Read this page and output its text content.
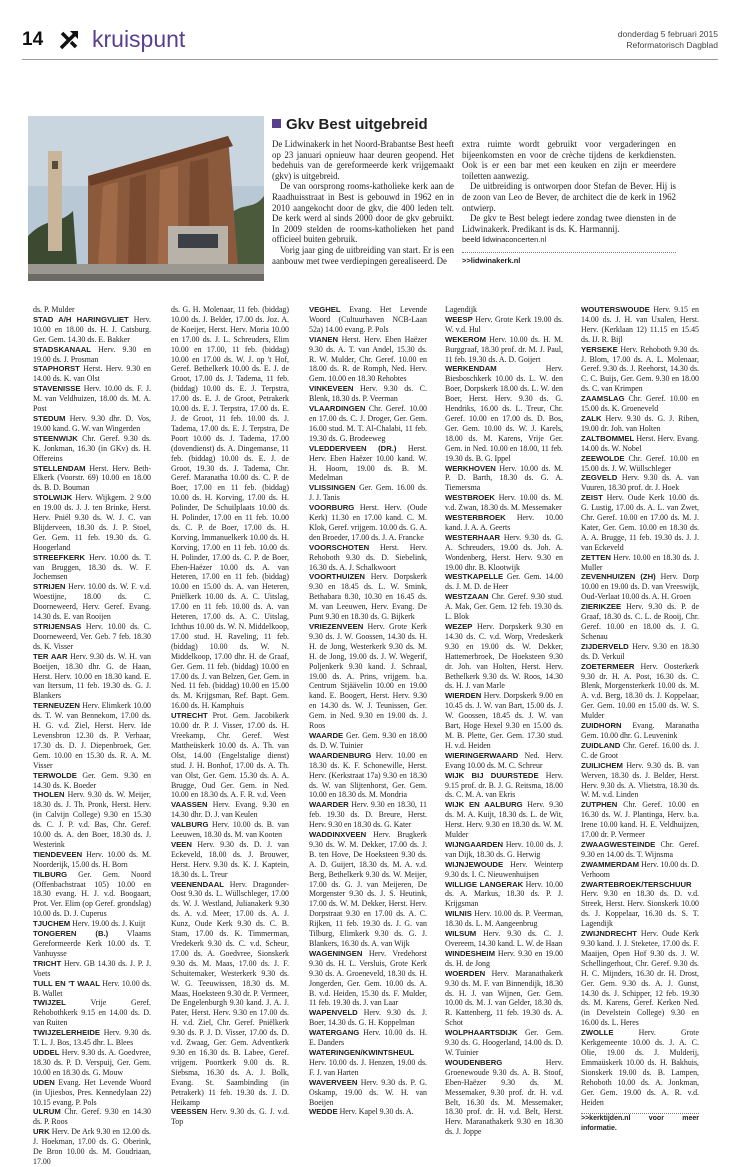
14 kruispunt	donderdag 5 februari 2015
Reformatorisch Dagblad
Gkv Best uitgebreid

De Lidwinakerk in het Noord-Brabantse Best heeft op 23 januari opnieuw haar deuren geopend. Het bedehuis van de gereformeerde kerk vrijgemaakt (gkv) is uitgebreid.

De van oorsprong rooms-katholieke kerk aan de Raadhuisstraat in Best is gebouwd in 1962 en in 2010 aangekocht door de gkv, die 400 leden telt. De kerk werd al sinds 2000 door de gkv gebruikt. In 2009 stelden de rooms-katholieken het pand officieel buiten gebruik.

Vorig jaar ging de uitbreiding van start. Er is een aanbouw met twee verdiepingen gerealiseerd. De

extra ruimte wordt gebruikt voor vergaderingen en bijeenkomsten en voor de crèche tijdens de kerkdiensten. Ook is er een bar met een keuken en zijn er meerdere toiletten aanwezig.

De uitbreiding is ontworpen door Stefan de Bever. Hij is de zoon van Leo de Bever, de architect die de kerk in 1962 ontwierp.

De gkv te Best belegt iedere zondag twee diensten in de Lidwinakerk. Predikant is ds. K. Harmannij.

beeld lidwinaconcerten.nl
>>lidwinakerk.nl

ds. P. Mulder

STAD A/H HARINGVLIET Herv. 10.00 en 18.00 ds. H. J. Catsburg. Ger. Gem. 14.30 ds. E. Bakker

STADSKANAAL Herv. 9.30 en 19.00 ds. J. Prosman

STAPHORST Herst. Herv. 9.30 en 14.00 ds. K. van Olst

STAVENISSE Herv. 10.00 ds. F. J. M. van Veldhuizen, 18.00 ds. M. A. Post

STEDUM Herv. 9.30 dhr. D. Vos, 19.00 kand. G. W. van Wingerden

STEENWIJK Chr. Geref. 9.30 ds. K. Jonkman, 16.30 (in GKv) ds. H. Offereins

STELLENDAM Herst. Herv. Beth-Elkerk (Voorstr. 69) 10.00 en 18.00 ds. B. D. Bouman

STOLWIJK Herv. Wijkgem. 2 9.00 en 19.00 ds. J. J. ten Brinke, Herst. Herv. Pniël 9.30 ds. W. J. C. van Blijderveen, 18.30 ds. J. P. Stoel, Ger. Gem. 11 feb. 19.30 ds. G. Hoogerland

STREEFKERK Herv. 10.00 ds. T. van Bruggen, 18.30 ds. W. F. Jochemsen

STRIJEN Herv. 10.00 ds. W. F. v.d. Woestijne, 18.00 ds. C. Doorneweerd, Herv. Geref. Evang. 14.30 ds. E. van Rooijen

STRIJENSAS Herv. 10.00 ds. C. Doorneweerd, Ver. Geb. 7 feb. 18.30 ds. K. Visser

TER AAR Herv. 9.30 ds. W. H. van Boeijen, 18.30 dhr. G. de Haan, Herst. Herv. 10.00 en 18.30 kand. E. van Itersum, 11 feb. 19.30 ds. G. J. Blankers

TERNEUZEN Herv. Elimkerk 10.00 ds. T. W. van Bennekom, 17.00 ds. H. G. v.d. Ziel, Herst. Herv. Ide Levensbron 12.30 ds. P. Verhaar, 17.30 ds. D. J. Diepenbroek, Ger. Gem. 10.00 en 15.30 ds. R. A. M. Visser

TERWOLDE Ger. Gem. 9.30 en 14.30 ds. K. Boeder

THOLEN Herv. 9.30 ds. W. Meijer, 18.30 ds. J. Th. Pronk, Herst. Herv. (in Calvijn College) 9.30 en 15.30 ds. C. J. P. v.d. Bas, Chr. Geref. 10.00 ds. A. den Boer, 18.30 ds. J. Westerink

TIENDEVEEN Herv. 10.00 ds. M. Noorderijk, 15.00 ds. H. Born

TILBURG Ger. Gem. Noord (Offenbachstraat 105) 10.00 en 18.30 evang. H. J. v.d. Boogaart, Prot. Ver. Elim (op Geref. grondslag) 10.00 ds. D. J. Cuperus

TJUCHEM Herv. 19.00 ds. J. Kuijt

TONGEREN (B.) Vlaams Gereformeerde Kerk 10.00 ds. T. Vanhuysse

TRICHT Herv. GB 14.30 ds. J. P. J. Voets

TULL EN 'T WAAL Herv. 10.00 ds. B. Wallet

TWIJZEL Vrije Geref. Rehobothkerk 9.15 en 14.00 ds. D. van Ruiten

TWIJZELERHEIDE Herv. 9.30 ds. T. L. J. Bos, 13.45 dhr. L. Blees

UDDEL Herv. 9.30 ds. A. Goedvree, 18.30 ds. P. D. Verspuij, Ger. Gem. 10.00 en 18.30 ds. G. Mouw

UDEN Evang. Het Levende Woord (in Ujiesbos, Pres. Kennedylaan 22) 10.15 evang. P. Pols

ULRUM Chr. Geref. 9.30 en 14.30 ds. P. Roos

URK Herv. De Ark 9.30 en 12.00 ds. J. Hoekman, 17.00 ds. G. Oberink, De Bron 10.00 ds. M. Goudriaan, 17.00

ds. G. H. Molenaar, 11 feb. (biddag) 10.00 ds. J. Belder, 17.00 ds. Joz. A. de Koeijer, Herst. Herv. Moria 10.00 en 17.00 ds. J. L. Schreuders, Elim 10.00 en 17.00, 11 feb. (biddag) 10.00 en 17.00 ds. W. J. op 't Hof, Geref. Bethelkerk 10.00 ds. E. J. de Groot, 17.00 ds. J. Tadema, 11 feb. (biddag) 10.00 ds. E. J. Terpstra, 17.00 ds. E. J. de Groot, Petrakerk 10.00 ds. E. J. Terpstra, 17.00 ds. E. J. de Groot, 11 feb. 10.00 ds. J. Tadema, 17.00 ds. E. J. Terpstra, De Poort 10.00 ds. J. Tadema, 17.00 (dovendienst) ds. A. Dingemanse, 11 feb. (biddag) 10.00 ds. E. J. de Groot, 19.30 ds. J. Tadema, Chr. Geref. Maranatha 10.00 ds. C. P. de Boer, 17.00 en 11 feb. (biddag) 10.00 ds. H. Korving, 17.00 ds. H. Polinder, De Schuilplaats 10.00 ds. H. Polinder, 17.00 en 11 feb. 10.00 ds. C. P. de Boer, 17.00 ds. H. Korving, Immanuelkerk 10.00 ds. H. Korving, 17.00 en 11 feb. 10.00 ds. H. Polinder, 17.00 ds. C. P. de Boer, Eben-Haëzer 10.00 ds. A. van Heteren, 17.00 en 11 feb. (biddag) 10.00 en 15.00 ds. A. van Heteren, Pniëlkerk 10.00 ds. A. C. Uitslag, 17.00 en 11 feb. 10.00 ds. A. van Heteren, 17.00 ds. A. C. Uitslag, Ichthus 10.00 ds. W. N. Middelkoop, 17.00 stud. H. Raveling, 11 feb. (biddag) 10.00 ds. W. N. Middelkoop, 17.00 dhr. H. de Graaf, Ger. Gem. 11 feb. (biddag) 10.00 en 17.00 ds. J. van Belzen, Ger. Gem. in Ned. 11 feb. (biddag) 10.00 en 15.00 ds. M. Krijgsman, Ref. Bapt. Gem. 16.00 ds. H. Kamphuis

UTRECHT Prot. Gem. Jacobikerk 10.00 dr. P. J. Visser, 17.00 ds. H. Vreekamp, Chr. Geref. West Mattheüskerk 10.00 ds. A. Th. van Olst, 14.00 (Engelstalige dienst) stud. J. H. Bonhof, 17.00 ds. A. Th. van Olst, Ger. Gem. 15.30 ds. A. A. Brugge, Oud Ger. Gem. in Ned. 10.00 en 18.30 ds. A. F. R. v.d. Veen

VAASSEN Herv. Evang. 9.30 en 14.30 dhr. D. J. van Keulen

VALBURG Herv. 10.00 ds. B. van Leeuwen, 18.30 ds. M. van Kooten

VEEN Herv. 9.30 ds. D. J. van Eckeveld, 18.00 ds. J. Brouwer, Herst. Herv. 9.30 ds. K. J. Kaptein, 18.30 ds. L. Treur

VEENENDAAL Herv. Dragonder-Oost 9.30 ds. L. Wüllschleger, 17.00 ds. W. J. Westland, Julianakerk 9.30 ds. A. v.d. Meer, 17.00 ds. A. J. Kunz, Oude Kerk 9.30 ds. C. B. Stam, 17.00 ds. K. Timmerman, Vredekerk 9.30 ds. C. v.d. Scheur, 17.00 ds. A. Goedvree, Sionskerk 9.30 ds. M. Maas, 17.00 ds. J. F. Schuitemaker, Westerkerk 9.30 ds. W. G. Teeuwissen, 18.30 ds. M. Maas, Hoeksteen 9.30 dr. P. Vermeer, De Engelenburgh 9.30 kand. J. A. J. Pater, Herst. Herv. 9.30 en 17.00 ds. H. v.d. Ziel, Chr. Geref. Pniëlkerk 9.30 ds. P. J. D. Visser, 17.00 ds. D. v.d. Zwaag, Ger. Gem. Adventkerk 9.30 en 16.30 ds. B. Labee, Geref. vrijgem. Poortkerk 9.00 ds. R. Siebsma, 16.30 ds. A. J. Bolk, Evang. St. Saambinding (in Petrakerk) 11 feb. 19.30 ds. J. D. Heikamp

VEESSEN Herv. 9.30 ds. G. J. v.d. Top

VEGHEL Evang. Het Levende Woord (Cultuurhaven NCB-Laan 52a) 14.00 evang. P. Pols

VIANEN Herst. Herv. Eben Haëzer 9.30 ds. A. T. van Andel, 15.30 ds. R. W. Mulder, Chr. Geref. 10.00 en 18.00 ds. R. de Romph, Ned. Herv. Gem. 10.00 en 18.30 Rehobtes

VINKEVEEN Herv. 9.30 ds. C. Blenk, 18.30 ds. P. Veerman

VLAARDINGEN Chr. Geref. 10.00 en 17.00 ds. C. J. Droger, Ger. Gem. 16.00 stud. M. T. Al-Chalabi, 11 feb. 19.30 ds. G. Brodeeweg

VLEDDERVEEN (DR.) Herst. Herv. Eben Haëzer 10.00 kand. W. H. Hoorn, 19.00 ds. B. M. Medelman

VLISSINGEN Ger. Gem. 16.00 ds. J. J. Tanis

VOORBURG Herst. Herv. (Oude Kerk) 11.30 en 17.00 kand. C. M. Klok, Geref. vrijgem. 10.00 ds. G. A. den Broeder, 17.00 ds. J. A. Francke

VOORSCHOTEN Herst. Herv. Rehoboth 9.30 ds. D. Siebelink, 16.30 ds. A. J. Schalkwoort

VOORTHUIZEN Herv. Dorpskerk 9.30 en 18.45 ds. L. W. Smink, Bethabara 8.30, 10.30 en 16.45 ds. M. van Leeuwen, Herv. Evang. De Punt 9.30 en 18.30 ds. G. Bijkerk

VRIEZENVEEN Herv. Grote Kerk 9.30 ds. J. W. Goossen, 14.30 ds. H. H. de Jong, Westerkerk 9.30 ds. M. H. de Jong, 19.00 ds. J. W. Wegerif, Poljenkerk 9.30 kand. J. Schraal, 19.00 ds. A. Prins, vrijgem. b.a. Centrum Stjäävelin 10.00 en 19.00 kand. E. Boogert, Herst. Herv. 9.30 en 14.30 ds. W. J. Teunissen, Ger. Gem. in Ned. 9.30 en 19.00 ds. J. Roos

WAARDE Ger. Gem. 9.30 en 18.00 ds. D. W. Tuinier

WAARDENBURG Herv. 10.00 en 18.30 ds. K. F. Schonewille, Herst. Herv. (Kerkstraat 17a) 9.30 en 18.30 ds. W. van Slijtenhorst, Ger. Gem. 10.00 en 18.30 ds. M. Mondria

WAARDER Herv. 9.30 en 18.30, 11 feb. 19.30 ds. D. Breure, Herst. Herv. 9.30 en 18.30 ds. G. Kater

WADDINXVEEN Herv. Brugkerk 9.30 ds. W. M. Dekker, 17.00 ds. J. B. ten Hove, De Hoeksteen 9.30 ds. A. D. Guijert, 18.30 ds. M. A. v.d. Berg, Bethelkerk 9.30 ds. W. Meijer, 17.00 ds. G. J. van Meijeren, De Morgenster 9.30 ds. J. S. Heutink, 17.00 ds. W. M. Dekker, Herst. Herv. Dorpstraat 9.30 en 17.00 ds. A. C. Rijken, 11 feb. 19.30 ds. J. G. van Tilburg, Elimkerk 9.30 ds. G. J. Blankers, 16.30 ds. A. van Wijk

WAGENINGEN Herv. Vredehorst 9.30 ds. H. L. Versluis, Grote Kerk 9.30 ds. A. Groeneveld, 18.30 ds. H. Jongerden, Ger. Gem. 10.00 ds. A. B. v.d. Heiden, 15.30 ds. F. Mulder, 11 feb. 19.30 ds. J. van Laar

WAPENVELD Herv. 9.30 ds. J. Boer, 14.30 ds. G. H. Koppelman

WATERGANG Herv. 10.00 ds. H. E. Danders

WATERINGEN/KWINTSHEUL Herv. 10.00 ds. J. Henzen, 19.00 ds. F. J. van Harten

WAVERVEEN Herv. 9.30 ds. P. G. Oskamp, 19.00 ds. W. H. van Boeijen

WEDDE Herv. Kapel 9.30 ds. A.

Lagendijk

WEESP Herv. Grote Kerk 19.00 ds. W. v.d. Hul

WEKEROM Herv. 10.00 ds. H. M. Burggraaf, 18.30 prof. dr. M. J. Paul, 11 feb. 19.30 ds. A. D. Goijert

WERKENDAM Herv. Biesboschkerk 10.00 ds. L. W. den Boer, Dorpskerk 18.00 ds. L. W. den Boer, Herst. Herv. 9.30 ds. G. Hendriks, 16.00 ds. L. Treur, Chr. Geref. 10.00 en 17.00 ds. D. Bos, Ger. Gem. 10.00 ds. W. J. Karels, 18.00 ds. M. Karens, Vrije Ger. Gem. in Ned. 10.00 en 18.00, 11 feb. 19.30 ds. B. G. Ippel

WERKHOVEN Herv. 10.00 ds. M. P. D. Barth, 18.30 ds. G. A. Tiemersma

WESTBROEK Herv. 10.00 ds. M. v.d. Zwan, 18.30 ds. M. Messemaker

WESTERBROEK Herv. 10.00 kand. J. A. A. Geerts

WESTERHAAR Herv. 9.30 ds. G. A. Schreuders, 19.00 ds. Joh. A. Wondenberg, Herst. Herv. 9.30 en 19.00 dhr. B. Klootwijk

WESTKAPELLE Ger. Gem. 14.00 ds. J. M. D. de Heer

WESTZAAN Chr. Geref. 9.30 stud. A. Mak, Ger. Gem. 12 feb. 19.30 ds. L. Blok

WEZEP Herv. Dorpskerk 9.30 en 14.30 ds. C. v.d. Worp, Vredeskerk 9.30 en 19.00 ds. W. Dekker, Hattemerbroek, De Hoeksteen 9.30 dr. Joh. van Holten, Herst. Herv. Bethelkerk 9.30 ds. W. Roos, 14.30 ds. H. J. van Marle

WIERDEN Herv. Dorpskerk 9.00 en 10.45 ds. J. W. van Bart, 15.00 ds. J. W. Goossen, 18.45 ds. J. W. van Bart, Hoge Hexel 9.30 en 15.00 ds. M. B. Plette, Ger. Gem. 17.30 stud. H. v.d. Heiden

WIERINGERWAARD Ned. Herv. Evang 10.00 ds. M. C. Schreur

WIJK BIJ DUURSTEDE Herv. 9.15 prof. dr. B. J. G. Reitsma, 18.00 ds. C. M. A. van Ekris

WIJK EN AALBURG Herv. 9.30 ds. M. A. Kuijt, 18.30 ds. L. de Wit, Herst. Herv. 9.30 en 18.30 ds. W. M. Mulder

WIJNGAARDEN Herv. 10.00 ds. J. van Dijk, 18.30 ds. G. Herwig

WIJNJEWOUDE Herv. Weinterp 9.30 ds. I. C. Nieuwenhuijsen

WILLIGE LANGERAK Herv. 10.00 ds. A. Markus, 18.30 ds. P. J. Krijgsman

WILNIS Herv. 10.00 ds. P. Veerman, 18.30 ds. L. M. Aangeenbrug

WILSUM Herv. 9.30 ds. C. J. Overeem, 14.30 kand. L. W. de Haan

WINDESHEIM Herv. 9.30 en 19.00 ds. H. de Jong

WOERDEN Herv. Maranathakerk 9.30 ds. M. F. van Binnendijk, 18.30 ds. H. J. van Wijnen, Ger. Gem. 10.00 ds. M. J. van Gelder, 18.30 ds. R. Kattenberg, 11 feb. 19.30 ds. A. Schot

WOLPHAARTSDIJK Ger. Gem. 9.30 ds. G. Hoogerland, 14.00 ds. D. W. Tuinier

WOUDENBERG Herv. Groenewoude 9.30 ds. A. B. Stoof, Eben-Haëzer 9.30 ds. M. Messemaker, 9.30 prof. dr. H. v.d. Belt, 16.30 ds. M. Messemaker, 18.30 prof. dr. H. v.d. Belt, Herst. Herv. Maranathakerk 9.30 en 18.30 ds. J. Joppe

WOUTERSWOUDE Herv. 9.15 en 14.00 ds. J. H. van Uxalen, Herst. Herv. (Kerklaan 12) 11.15 en 15.45 ds. IJ. R. Bijl

YERSEKE Herv. Rehoboth 9.30 ds. J. Blom, 17.00 ds. A. L. Molenaar, Geref. 9.30 ds. J. Reehorst, 14.30 ds. C. C. Buijs, Ger. Gem. 9.30 en 18.00 ds. C. van Krimpen

ZAAMSLAG Chr. Geref. 10.00 en 15.00 ds. K. Groeneveld

ZALK Herv. 9.30 ds. G. J. Riben, 19.00 dr. Joh. van Holten

ZALTBOMMEL Herst. Herv. Evang. 14.00 ds. W. Nobel

ZEEWOLDE Chr. Geref. 10.00 en 15.00 ds. J. W. Wüllschleger

ZEGVELD Herv. 9.30 ds. A. van Vuuren, 18.30 prof. dr. J. Hoek

ZEIST Herv. Oude Kerk 10.00 ds. G. Lustig, 17.00 ds. A. L. van Zwet, Chr. Geref. 10.00 en 17.00 ds. M. J. Kater, Ger. Gem. 10.00 en 18.30 ds. A. A. Brugge, 11 feb. 19.30 ds. J. J. van Eckeveld

ZETTEN Herv. 10.00 en 18.30 ds. J. Muller

ZEVENHUIZEN (ZH) Herv. Dorp 10.00 en 19.00 ds. D. van Vreeswijk, Oud-Verlaat 10.00 ds. A. H. Groen

ZIERIKZEE Herv. 9.30 ds. P. de Graaf, 18.30 ds. C. L. de Rooij, Chr. Geref. 10.00 en 18.00 ds. J. G. Schenau

ZIJDERVELD Herv. 9.30 en 18.30 ds. D. Verkuil

ZOETERMEER Herv. Oosterkerk 9.30 dr. H. A. Post, 16.30 ds. C. Blenk, Morgensterkerk 10.00 ds. M. A. v.d. Berg, 18.30 ds. J. Koppelaar, Ger. Gem. 10.00 en 15.00 ds. W. S. Mulder

ZUIDHORN Evang. Maranatha Gem. 10.00 dhr. G. Leuvenink

ZUIDLAND Chr. Geref. 16.00 ds. J. C. de Groot

ZUILICHEM Herv. 9.30 ds. B. van Werven, 18.30 ds. J. Belder, Herst. Herv. 9.30 ds. A. Vlietstra, 18.30 ds. W. M. v.d. Linden

ZUTPHEN Chr. Geref. 10.00 en 16.30 ds. W. J. Plantinga, Herv. b.a. Irene 10.00 kand. H. E. Veldhuijzen, 17.00 dr. P. Vermeer

ZWAAGWESTEINDE Chr. Geref. 9.30 en 14.00 ds. T. Wijnsma

ZWAMMERDAM Herv. 10.00 ds. D. Verhoom

ZWARTEBROEK/TERSCHUUR Herv. 9.30 en 18.30 ds. D. v.d. Streek, Herst. Herv. Sionskerk 10.00 ds. J. Koppelaar, 16.30 ds. S. T. Lagendijk

ZWIJNDRECHT Herv. Oude Kerk 9.30 kand. J. J. Steketee, 17.00 ds. F. Maaijen, Open Hof 9.30 ds. J. W. Schellingerhout, Chr. Geref. 9.30 ds. H. C. Mijnders, 16.30 dr. H. Drost, Ger. Gem. 9.30 ds. A. J. Gunst, 14.30 ds. J. Schipper, 12 feb. 19.30 ds. M. Karens, Geref. Kerken Ned. (in Develstein College) 9.30 en 16.00 ds. L. Heres

ZWOLLE Herv. Grote Kerkgemeente 10.00 ds. J. A. C. Olie, 19.00 ds. J. Mulderij, Emmaüskerk 10.00 ds. H. Bakhuis, Sionskerk 19.00 ds. B. Lampen, Rehoboth 10.00 ds. A. Jonkman, Ger. Gem. 19.00 ds. A. R. v.d. Heiden

>>kerktijden.nl voor meer informatie.
